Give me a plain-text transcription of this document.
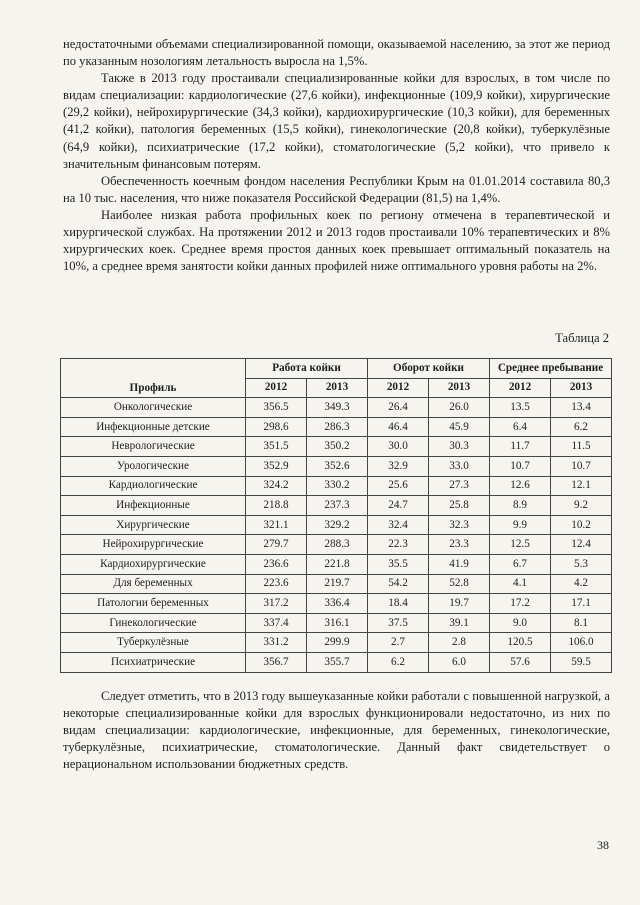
недостаточными объемами специализированной помощи, оказываемой населению, за этот же период по указанным нозологиям летальность выросла на 1,5%.

Также в 2013 году простаивали специализированные койки для взрослых, в том числе по видам специализации: кардиологические (27,6 койки), инфекционные (109,9 койки), хирургические (29,2 койки), нейрохирургические (34,3 койки), кардиохирургические (10,3 койки), для беременных (41,2 койки), патология беременных (15,5 койки), гинекологические (20,8 койки), туберкулёзные (64,9 койки), психиатрические (17,2 койки), стоматологические (5,2 койки), что привело к значительным финансовым потерям.

Обеспеченность коечным фондом населения Республики Крым на 01.01.2014 составила 80,3 на 10 тыс. населения, что ниже показателя Российской Федерации (81,5) на 1,4%.

Наиболее низкая работа профильных коек по региону отмечена в терапевтической и хирургической службах. На протяжении 2012 и 2013 годов простаивали 10% терапевтических и 8% хирургических коек. Среднее время простоя данных коек превышает оптимальный показатель на 10%, а среднее время занятости койки данных профилей ниже оптимального уровня работы на 2%.

Таблица 2
Профиль	Работа койки		Оборот койки		Среднее пребывание	
	2012	2013	2012	2013	2012	2013
Онкологические	356.5	349.3	26.4	26.0	13.5	13.4
Инфекционные детские	298.6	286.3	46.4	45.9	6.4	6.2
Неврологические	351.5	350.2	30.0	30.3	11.7	11.5
Урологические	352.9	352.6	32.9	33.0	10.7	10.7
Кардиологические	324.2	330.2	25.6	27.3	12.6	12.1
Инфекционные	218.8	237.3	24.7	25.8	8.9	9.2
Хирургические	321.1	329.2	32.4	32.3	9.9	10.2
Нейрохирургические	279.7	288.3	22.3	23.3	12.5	12.4
Кардиохирургические	236.6	221.8	35.5	41.9	6.7	5.3
Для беременных	223.6	219.7	54.2	52.8	4.1	4.2
Патологии беременных	317.2	336.4	18.4	19.7	17.2	17.1
Гинекологические	337.4	316.1	37.5	39.1	9.0	8.1
Туберкулёзные	331.2	299.9	2.7	2.8	120.5	106.0
Психиатрические	356.7	355.7	6.2	6.0	57.6	59.5

Следует отметить, что в 2013 году вышеуказанные койки работали с повышенной нагрузкой, а некоторые специализированные койки для взрослых функционировали недостаточно, из них по видам специализации: кардиологические, инфекционные, для беременных, гинекологические, туберкулёзные, психиатрические, стоматологические. Данный факт свидетельствует о нерациональном использовании бюджетных средств.

38
